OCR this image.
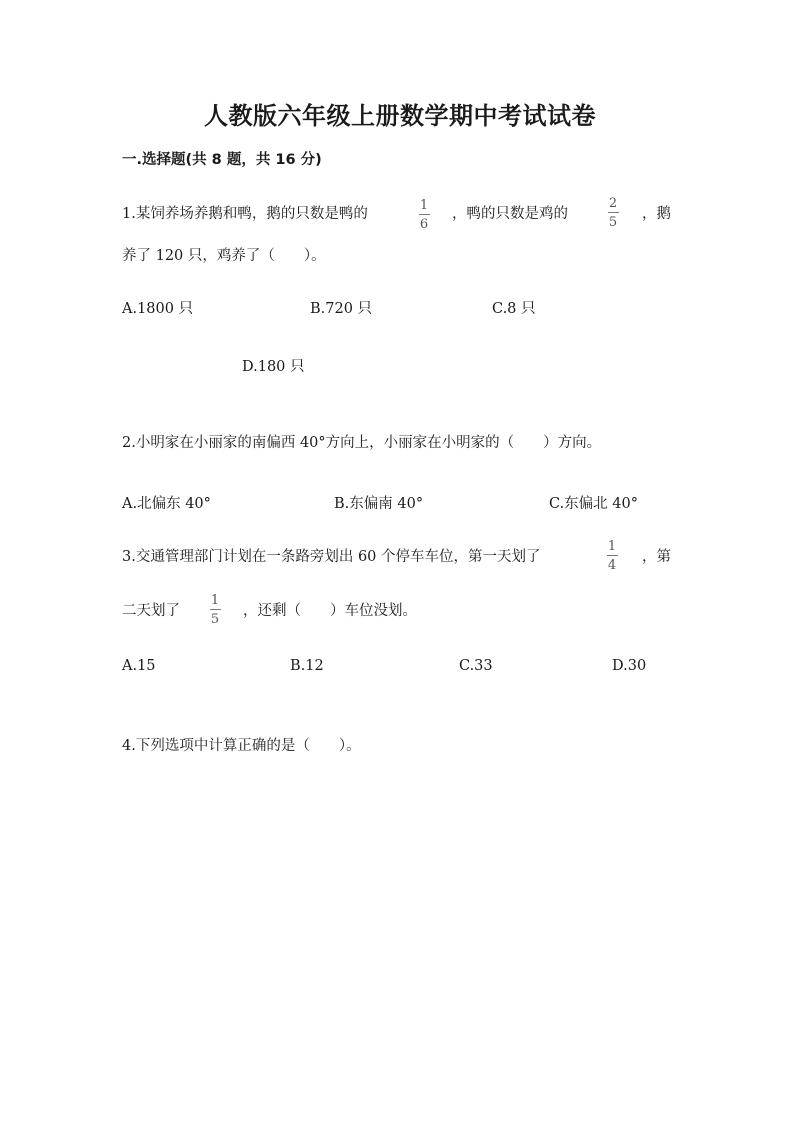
人教版六年级上册数学期中考试试卷
一.选择题(共 8 题，共 16 分)
1.某饲养场养鹅和鸭，鹅的只数是鸭的
1
6
，鸭的只数是鸡的
2
5
，鹅
养了 120 只，鸡养了（　　）。
A.1800 只	B.720 只	C.8 只
D.180 只
2.小明家在小丽家的南偏西 40°方向上，小丽家在小明家的（　　）方向。
A.北偏东 40°	B.东偏南 40°	C.东偏北 40°
3.交通管理部门计划在一条路旁划出 60 个停车车位，第一天划了
1
4
，第
二天划了
1
5
，还剩（　　）车位没划。
A.15	B.12	C.33	D.30
4.下列选项中计算正确的是（　　）。
